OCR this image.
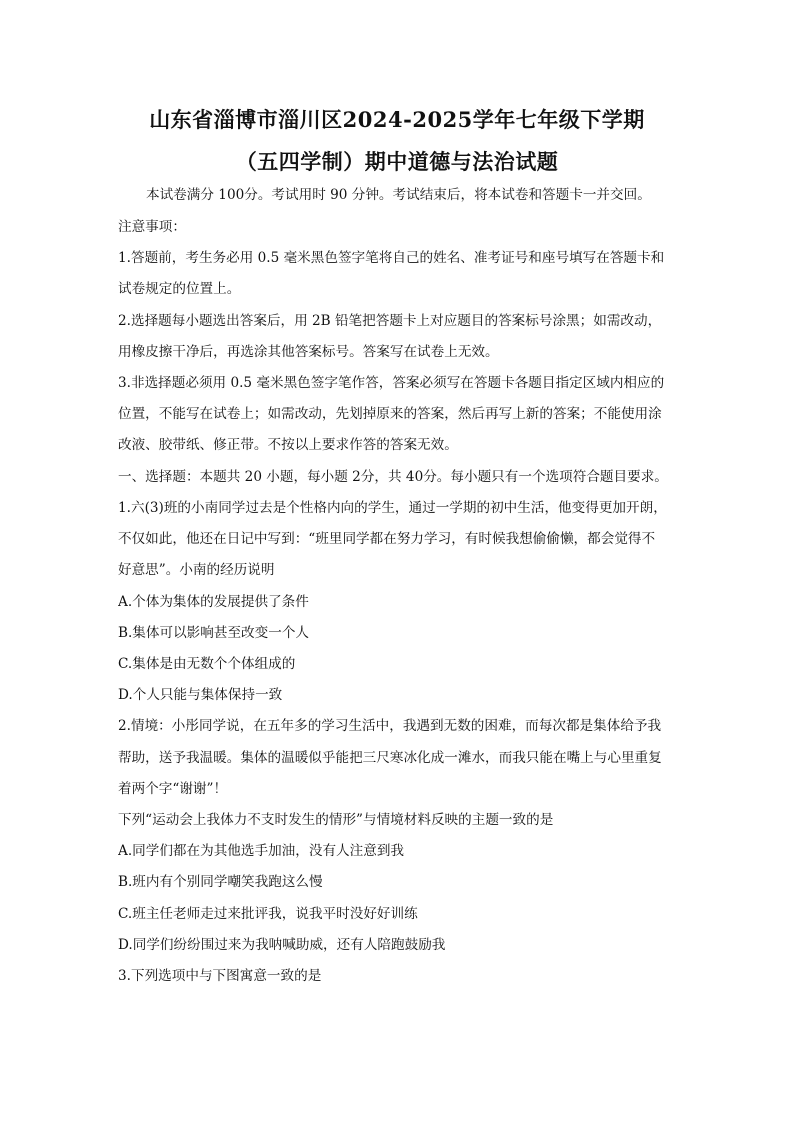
山东省淄博市淄川区2024-2025学年七年级下学期
（五四学制）期中道德与法治试题
本试卷满分 100分。考试用时 90 分钟。考试结束后，将本试卷和答题卡一并交回。
注意事项：
1.答题前，考生务必用 0.5 毫米黑色签字笔将自己的姓名、准考证号和座号填写在答题卡和
试卷规定的位置上。
2.选择题每小题选出答案后，用 2B 铅笔把答题卡上对应题目的答案标号涂黑；如需改动，
用橡皮擦干净后，再选涂其他答案标号。答案写在试卷上无效。
3.非选择题必须用 0.5 毫米黑色签字笔作答，答案必须写在答题卡各题目指定区域内相应的
位置，不能写在试卷上；如需改动，先划掉原来的答案，然后再写上新的答案；不能使用涂
改液、胶带纸、修正带。不按以上要求作答的答案无效。
一、选择题：本题共 20 小题，每小题 2分，共 40分。每小题只有一个选项符合题目要求。
1.六(3)班的小南同学过去是个性格内向的学生，通过一学期的初中生活，他变得更加开朗，
不仅如此，他还在日记中写到：“班里同学都在努力学习，有时候我想偷偷懒，都会觉得不
好意思”。小南的经历说明
A.个体为集体的发展提供了条件
B.集体可以影响甚至改变一个人
C.集体是由无数个个体组成的
D.个人只能与集体保持一致
2.情境：小彤同学说，在五年多的学习生活中，我遇到无数的困难，而每次都是集体给予我
帮助，送予我温暖。集体的温暖似乎能把三尺寒冰化成一滩水，而我只能在嘴上与心里重复
着两个字“谢谢”！
下列“运动会上我体力不支时发生的情形”与情境材料反映的主题一致的是
A.同学们都在为其他选手加油，没有人注意到我
B.班内有个别同学嘲笑我跑这么慢
C.班主任老师走过来批评我，说我平时没好好训练
D.同学们纷纷围过来为我呐喊助威，还有人陪跑鼓励我
3.下列选项中与下图寓意一致的是
